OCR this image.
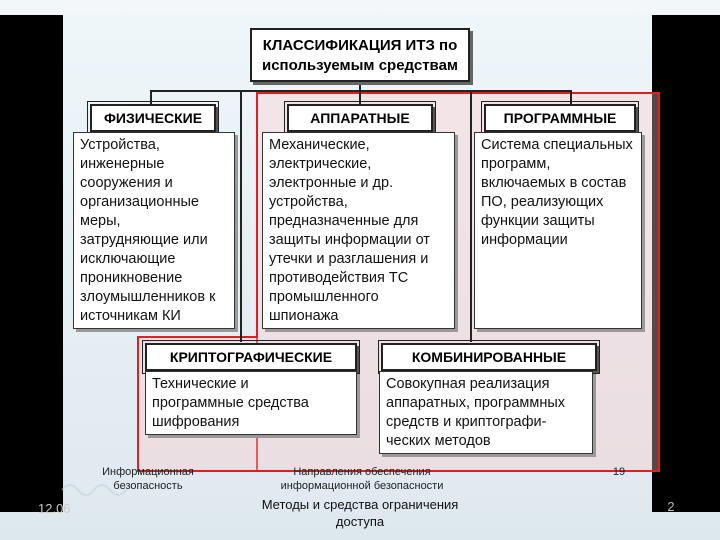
КЛАССИФИКАЦИЯ ИТЗ по
используемым средствам
ФИЗИЧЕСКИЕ
Устройства,
инженерные
сооружения и
организационные
меры,
затрудняющие или
исключающие
проникновение
злоумышленников к
источникам КИ
АППАРАТНЫЕ
Механические,
электрические,
электронные и др.
устройства,
предназначенные для
защиты информации от
утечки и разглашения и
противодействия ТС
промышленного
шпионажа
ПРОГРАММНЫЕ
Система специальных
программ,
включаемых в состав
ПО, реализующих
функции защиты
информации
КРИПТОГРАФИЧЕСКИЕ
Технические и
программные средства
шифрования
КОМБИНИРОВАННЫЕ
Совокупная реализация
аппаратных, программных
средств и криптографи-
ческих методов
Информационная
безопасность
Направления обеспечения
информационной безопасности
19
12.06	Методы и средства ограничения
доступа
2
